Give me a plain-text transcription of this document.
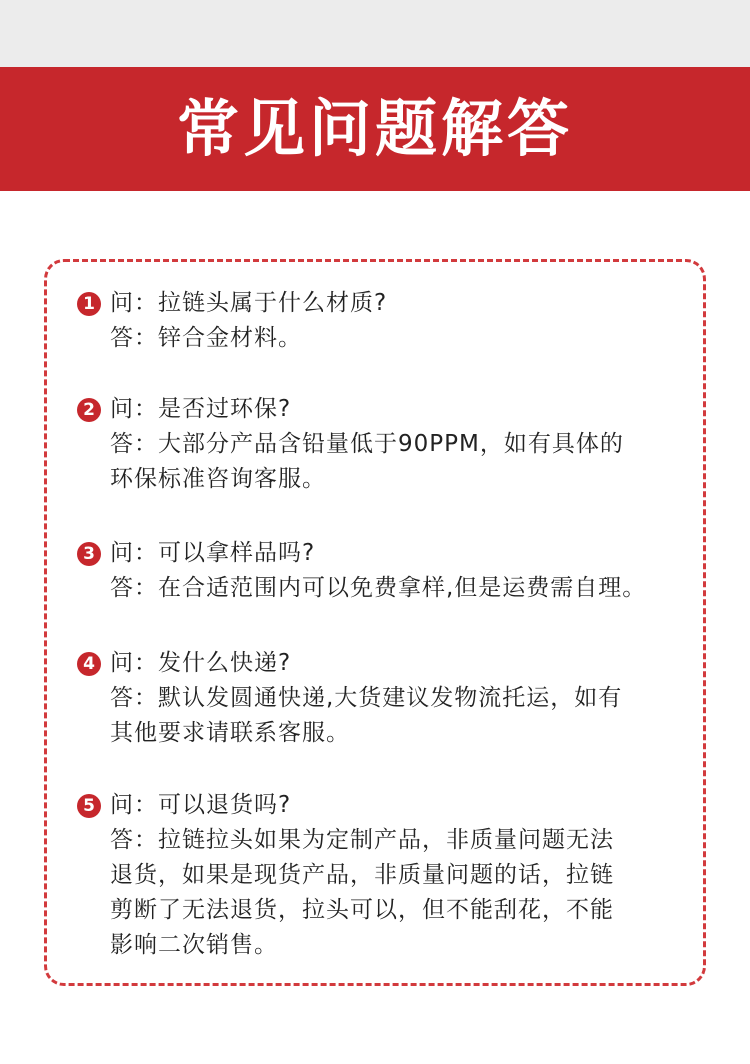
常见问题解答
1 问：拉链头属于什么材质?
答：锌合金材料。
2 问：是否过环保?
答：大部分产品含铅量低于90PPM，如有具体的
环保标准咨询客服。
3 问：可以拿样品吗?
答：在合适范围内可以免费拿样,但是运费需自理。
4 问：发什么快递?
答：默认发圆通快递,大货建议发物流托运，如有
其他要求请联系客服。
5 问：可以退货吗?
答：拉链拉头如果为定制产品，非质量问题无法
退货，如果是现货产品，非质量问题的话，拉链
剪断了无法退货，拉头可以，但不能刮花，不能
影响二次销售。
